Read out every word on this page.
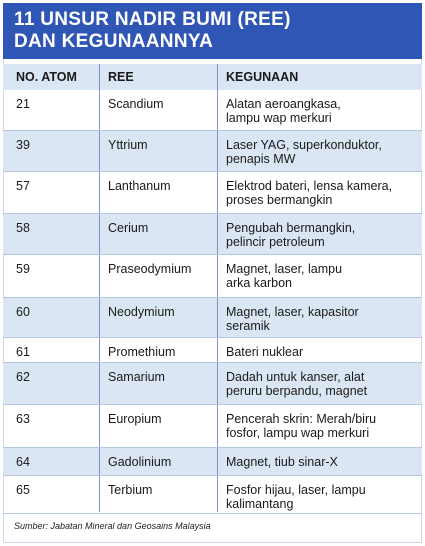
11 UNSUR NADIR BUMI (REE)
DAN KEGUNAANNYA
NO. ATOM REE	KEGUNAAN
21	Scandium	Alatan aeroangkasa,
lampu wap merkuri
39	Yttrium	Laser YAG, superkonduktor,
penapis MW
57	Lanthanum	Elektrod bateri, lensa kamera,
proses bermangkin
58	Cerium	Pengubah bermangkin,
pelincir petroleum
59	Praseodymium	Magnet, laser, lampu
arka karbon
60	Neodymium	Magnet, laser, kapasitor
seramik
61	Promethium	Bateri nuklear
62	Samarium	Dadah untuk kanser, alat
peruru berpandu, magnet
63	Europium	Pencerah skrin: Merah/biru
fosfor, lampu wap merkuri
64	Gadolinium	Magnet, tiub sinar-X
65	Terbium	Fosfor hijau, laser, lampu
kalimantang
Sumber: Jabatan Mineral dan Geosains Malaysia
